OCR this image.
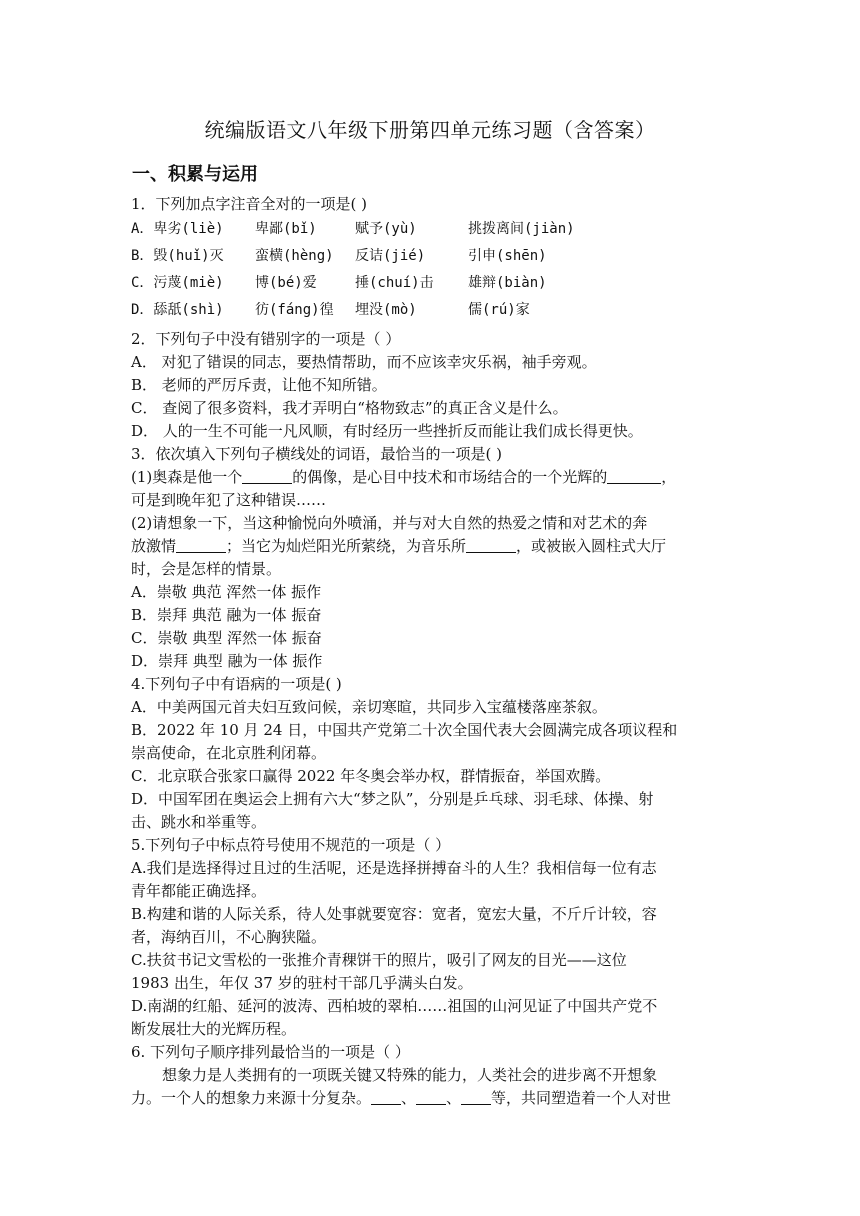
统编版语文八年级下册第四单元练习题（含答案）
一、积累与运用
1．下列加点字注音全对的一项是( )
A．卑劣(liè) 卑鄙(bǐ)	赋予(yù)	挑拨离间(jiàn)
B．毁(huǐ)灭 蛮横(hèng) 反诘(jié)	引申(shēn)
C．污蔑(miè) 博(bé)爱	捶(chuí)击 雄辩(biàn)
D．舔舐(shì) 彷(fáng)徨 埋没(mò)	儒(rú)家
2．下列句子中没有错别字的一项是（ ）
A． 对犯了错误的同志，要热情帮助，而不应该幸灾乐祸，袖手旁观。
B． 老师的严厉斥责，让他不知所错。
C． 查阅了很多资料，我才弄明白“格物致志”的真正含义是什么。
D． 人的一生不可能一凡风顺，有时经历一些挫折反而能让我们成长得更快。
3．依次填入下列句子横线处的词语，最恰当的一项是( )
(1)奥森是他一个	的偶像，是心目中技术和市场结合的一个光辉的	，
可是到晚年犯了这种错误……
(2)请想象一下，当这种愉悦向外喷涌，并与对大自然的热爱之情和对艺术的奔
放激情	；当它为灿烂阳光所萦绕，为音乐所	，或被嵌入圆柱式大厅
时，会是怎样的情景。
A．崇敬 典范 浑然一体 振作
B．崇拜 典范 融为一体 振奋
C．崇敬 典型 浑然一体 振奋
D．崇拜 典型 融为一体 振作
4.下列句子中有语病的一项是( )
A．中美两国元首夫妇互致问候，亲切寒暄，共同步入宝蕴楼落座茶叙。
B．2022 年 10 月 24 日，中国共产党第二十次全国代表大会圆满完成各项议程和
崇高使命，在北京胜利闭幕。
C．北京联合张家口赢得 2022 年冬奥会举办权，群情振奋，举国欢腾。
D．中国军团在奥运会上拥有六大“梦之队”，分别是乒乓球、羽毛球、体操、射
击、跳水和举重等。
5.下列句子中标点符号使用不规范的一项是（ ）
A.我们是选择得过且过的生活呢，还是选择拼搏奋斗的人生？我相信每一位有志
青年都能正确选择。
B.构建和谐的人际关系，待人处事就要宽容：宽者，宽宏大量，不斤斤计较，容
者，海纳百川，不心胸狭隘。
C.扶贫书记文雪松的一张推介青稞饼干的照片，吸引了网友的目光——这位
1983 出生，年仅 37 岁的驻村干部几乎满头白发。
D.南湖的红船、延河的波涛、西柏坡的翠柏……祖国的山河见证了中国共产党不
断发展壮大的光辉历程。
6. 下列句子顺序排列最恰当的一项是（ ）
想象力是人类拥有的一项既关键又特殊的能力，人类社会的进步离不开想象
力。一个人的想象力来源十分复杂。 、 、 等，共同塑造着一个人对世
